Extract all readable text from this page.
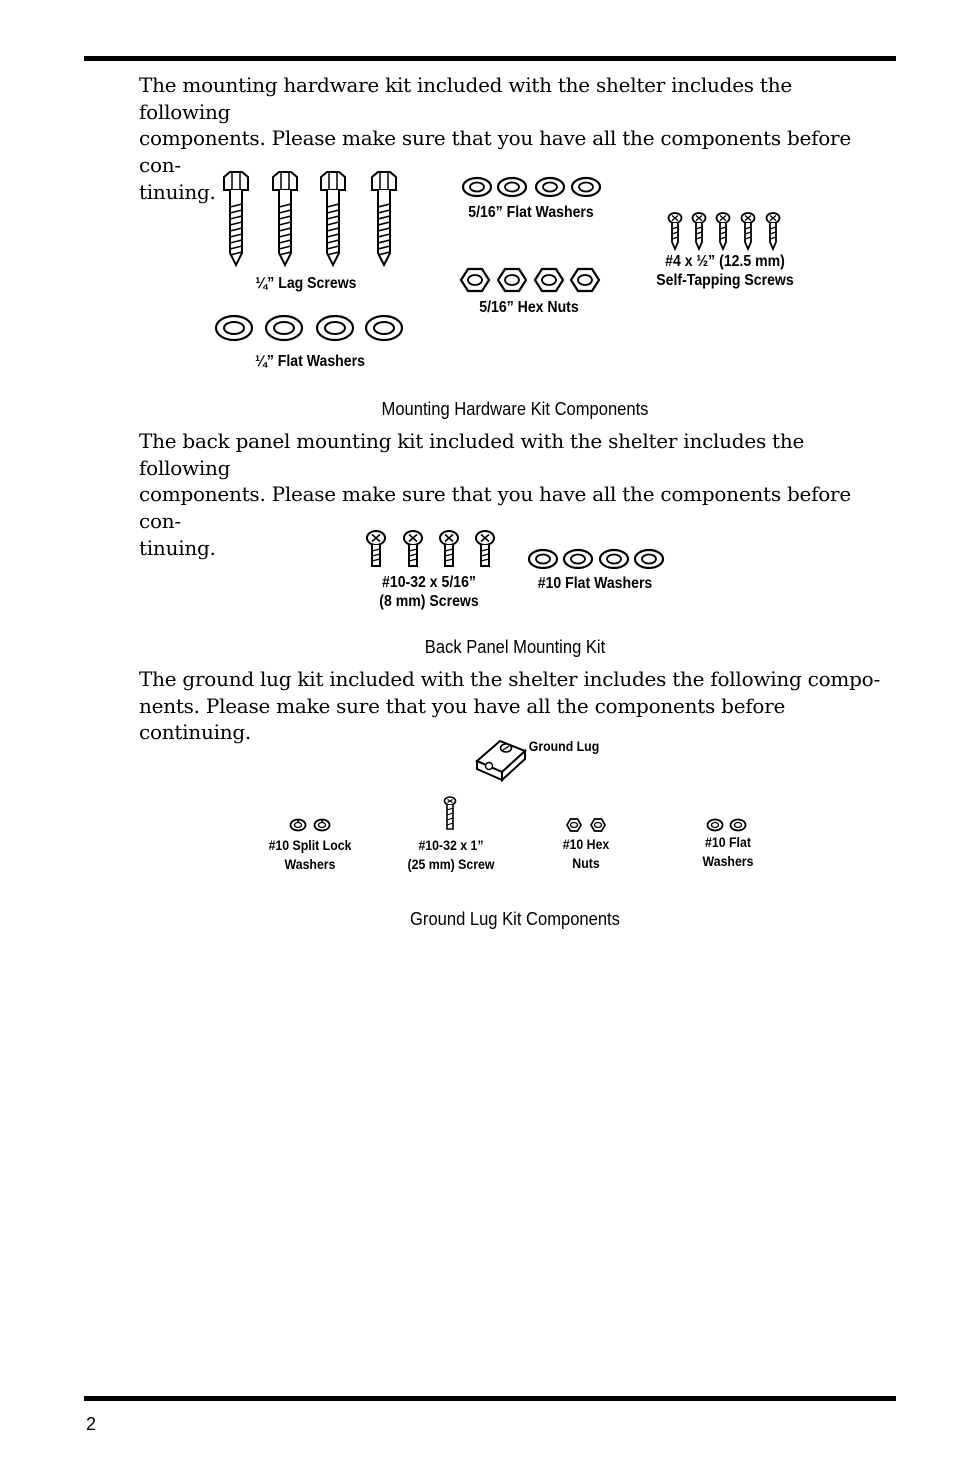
The mounting hardware kit included with the shelter includes the following
components. Please make sure that you have all the components before con-
tinuing.
¼” Lag Screws
¼” Flat Washers
5/16” Flat Washers
5/16” Hex Nuts
#4 x ½” (12.5 mm)
Self-Tapping Screws
Mounting Hardware Kit Components
The back panel mounting kit included with the shelter includes the following
components. Please make sure that you have all the components before con-
tinuing.
#10-32 x 5/16”
(8 mm) Screws
#10 Flat Washers
Back Panel Mounting Kit
The ground lug kit included with the shelter includes the following compo-
nents. Please make sure that you have all the components before continuing.
Ground Lug
#10 Split Lock
Washers
#10-32 x 1”
(25 mm) Screw
#10 Hex
Nuts
#10 Flat
Washers
Ground Lug Kit Components
2
